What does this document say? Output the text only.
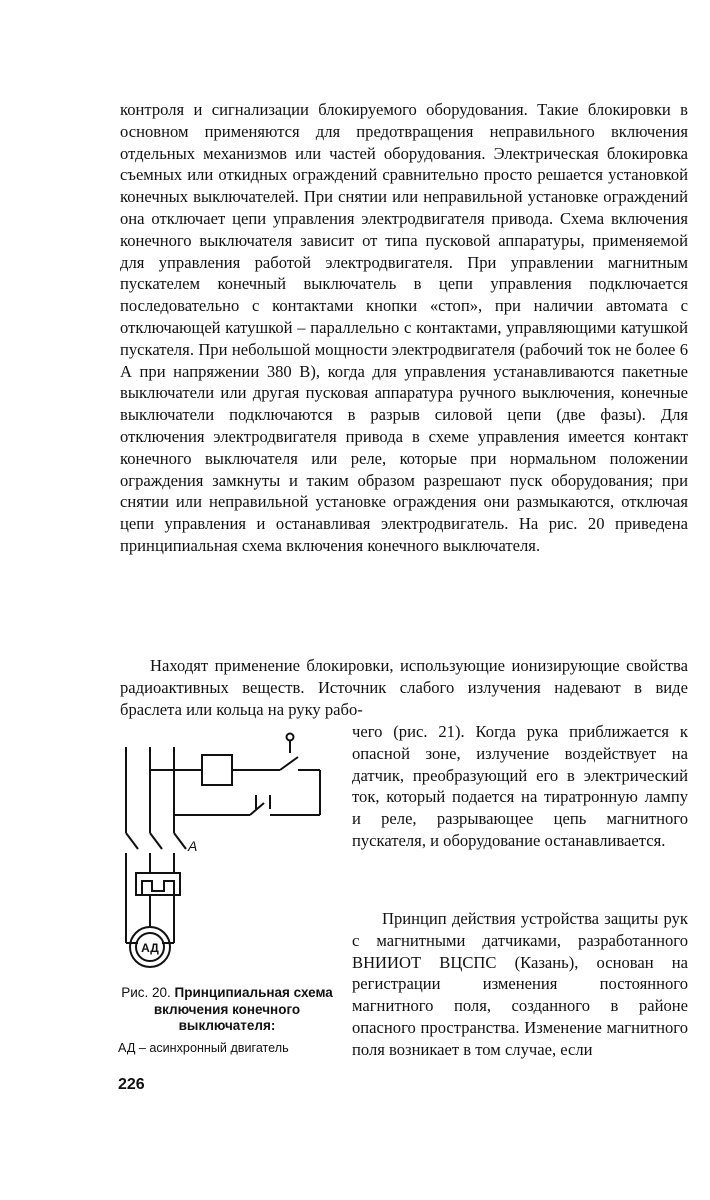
контроля и сигнализации блокируемого оборудования. Такие блокировки в основном применяются для предотвращения неправильного включения отдельных механизмов или частей оборудования. Электрическая блокировка съемных или откидных ограждений сравнительно просто решается установкой конечных выключателей. При снятии или неправильной установке ограждений она отключает цепи управления электродвигателя привода. Схема включения конечного выключателя зависит от типа пусковой аппаратуры, применяемой для управления работой электродвигателя. При управлении магнитным пускателем конечный выключатель в цепи управления подключается последовательно с контактами кнопки «стоп», при наличии автомата с отключающей катушкой – параллельно с контактами, управляющими катушкой пускателя. При небольшой мощности электродвигателя (рабочий ток не более 6 А при напряжении 380 В), когда для управления устанавливаются пакетные выключатели или другая пусковая аппаратура ручного выключения, конечные выключатели подключаются в разрыв силовой цепи (две фазы). Для отключения электродвигателя привода в схеме управления имеется контакт конечного выключателя или реле, которые при нормальном положении ограждения замкнуты и таким образом разрешают пуск оборудования; при снятии или неправильной установке ограждения они размыкаются, отключая цепи управления и останавливая электродвигатель. На рис. 20 приведена принципиальная схема включения конечного выключателя.

Находят применение блокировки, использующие ионизирующие свойства радиоактивных веществ. Источник слабого излучения надевают в виде браслета или кольца на руку рабо-

чего (рис. 21). Когда рука приближается к опасной зоне, излучение воздействует на датчик, преобразующий его в электрический ток, который подается на тиратронную лампу и реле, разрывающее цепь магнитного пускателя, и оборудование останавливается.

Принцип действия устройства защиты рук с магнитными датчиками, разработанного ВНИИОТ ВЦСПС (Казань), основан на регистрации изменения постоянного магнитного поля, созданного в районе опасного пространства. Изменение магнитного поля возникает в том случае, если

А
АД

Рис. 20. Принципиальная схема включения конечного выключателя:

АД – асинхронный двигатель

226
